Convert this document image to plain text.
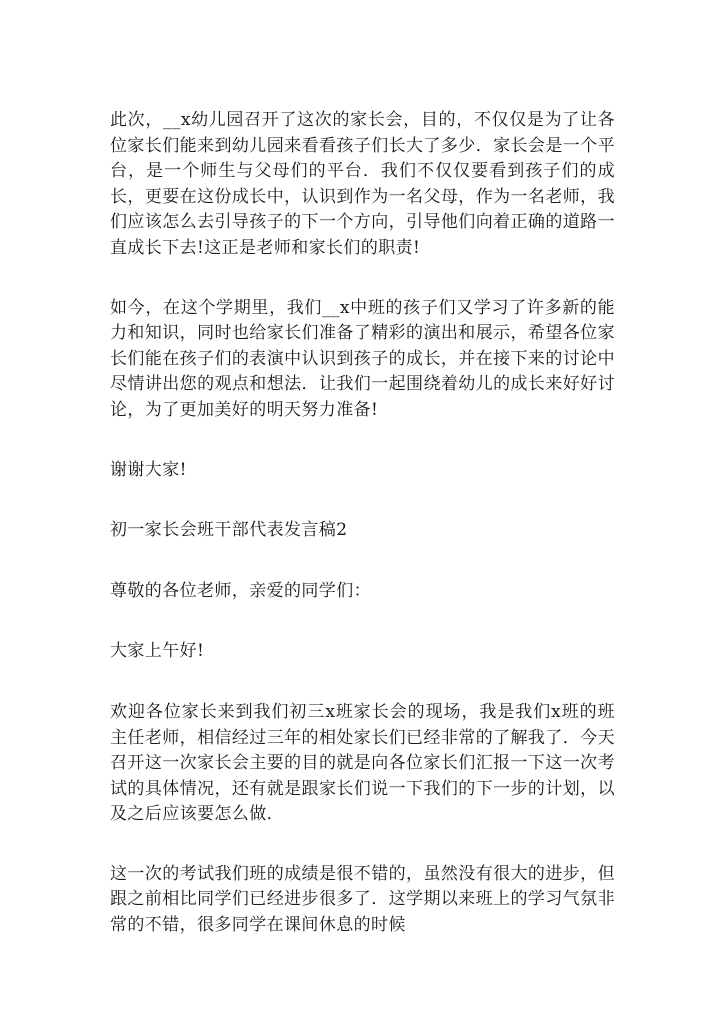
此次，__x幼儿园召开了这次的家长会，目的，不仅仅是为了让各位家长们能来到幼儿园来看看孩子们长大了多少．家长会是一个平台，是一个师生与父母们的平台．我们不仅仅要看到孩子们的成长，更要在这份成长中，认识到作为一名父母，作为一名老师，我们应该怎么去引导孩子的下一个方向，引导他们向着正确的道路一直成长下去!这正是老师和家长们的职责!

如今，在这个学期里，我们__x中班的孩子们又学习了许多新的能力和知识，同时也给家长们准备了精彩的演出和展示，希望各位家长们能在孩子们的表演中认识到孩子的成长，并在接下来的讨论中尽情讲出您的观点和想法．让我们一起围绕着幼儿的成长来好好讨论，为了更加美好的明天努力准备!

谢谢大家!

初一家长会班干部代表发言稿2

尊敬的各位老师，亲爱的同学们：

大家上午好!

欢迎各位家长来到我们初三x班家长会的现场，我是我们x班的班主任老师，相信经过三年的相处家长们已经非常的了解我了．今天召开这一次家长会主要的目的就是向各位家长们汇报一下这一次考试的具体情况，还有就是跟家长们说一下我们的下一步的计划，以及之后应该要怎么做．

这一次的考试我们班的成绩是很不错的，虽然没有很大的进步，但跟之前相比同学们已经进步很多了．这学期以来班上的学习气氛非常的不错，很多同学在课间休息的时候
